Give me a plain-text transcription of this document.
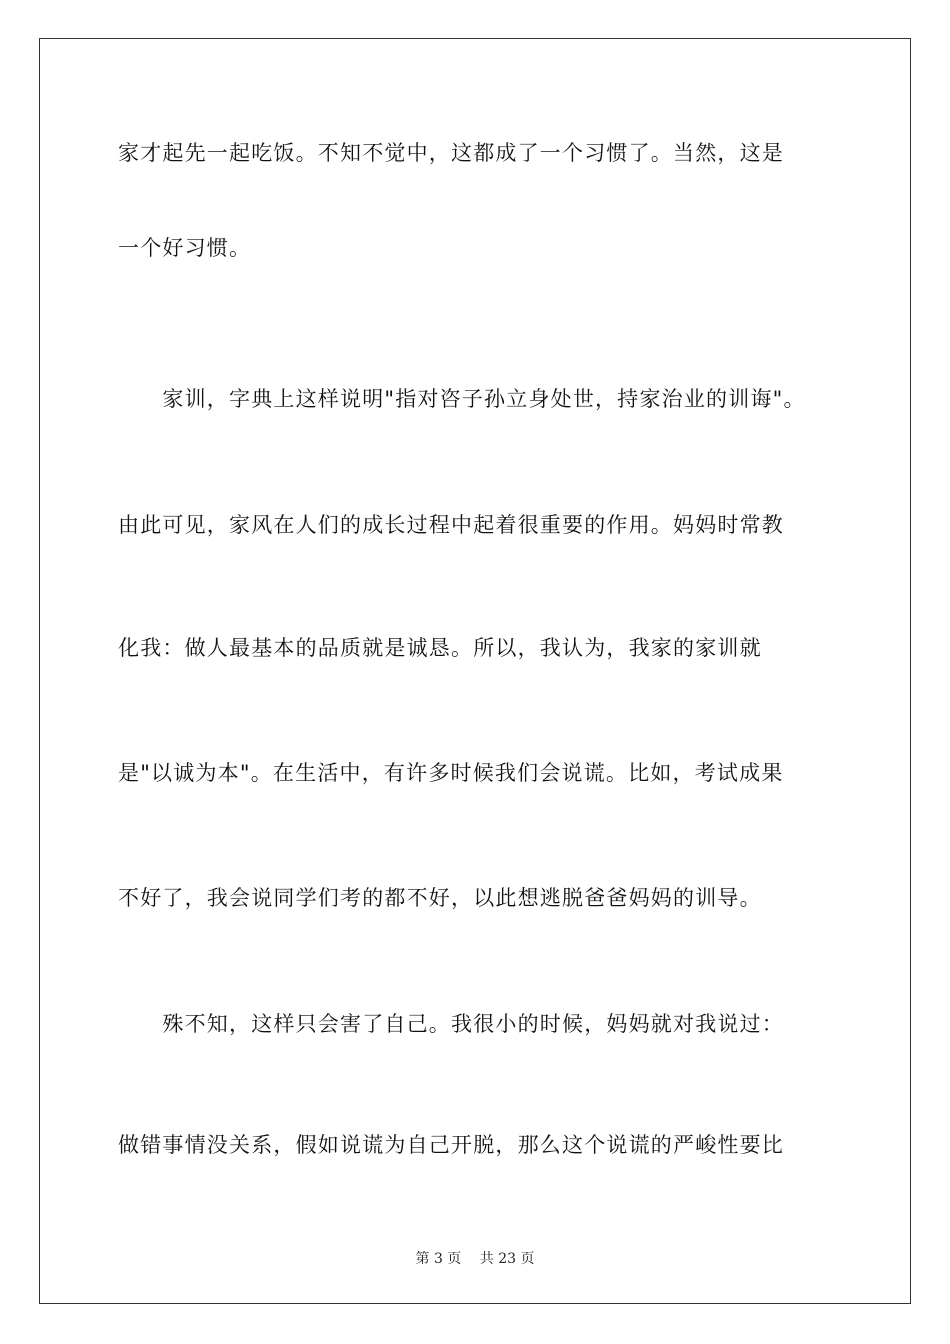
家才起先一起吃饭。不知不觉中，这都成了一个习惯了。当然，这是
一个好习惯。
　　家训，字典上这样说明"指对咨子孙立身处世，持家治业的训诲"。
由此可见，家风在人们的成长过程中起着很重要的作用。妈妈时常教
化我：做人最基本的品质就是诚恳。所以，我认为，我家的家训就
是"以诚为本"。在生活中，有许多时候我们会说谎。比如，考试成果
不好了，我会说同学们考的都不好，以此想逃脱爸爸妈妈的训导。
　　殊不知，这样只会害了自己。我很小的时候，妈妈就对我说过：
做错事情没关系，假如说谎为自己开脱，那么这个说谎的严峻性要比
第 3 页　 共 23 页
